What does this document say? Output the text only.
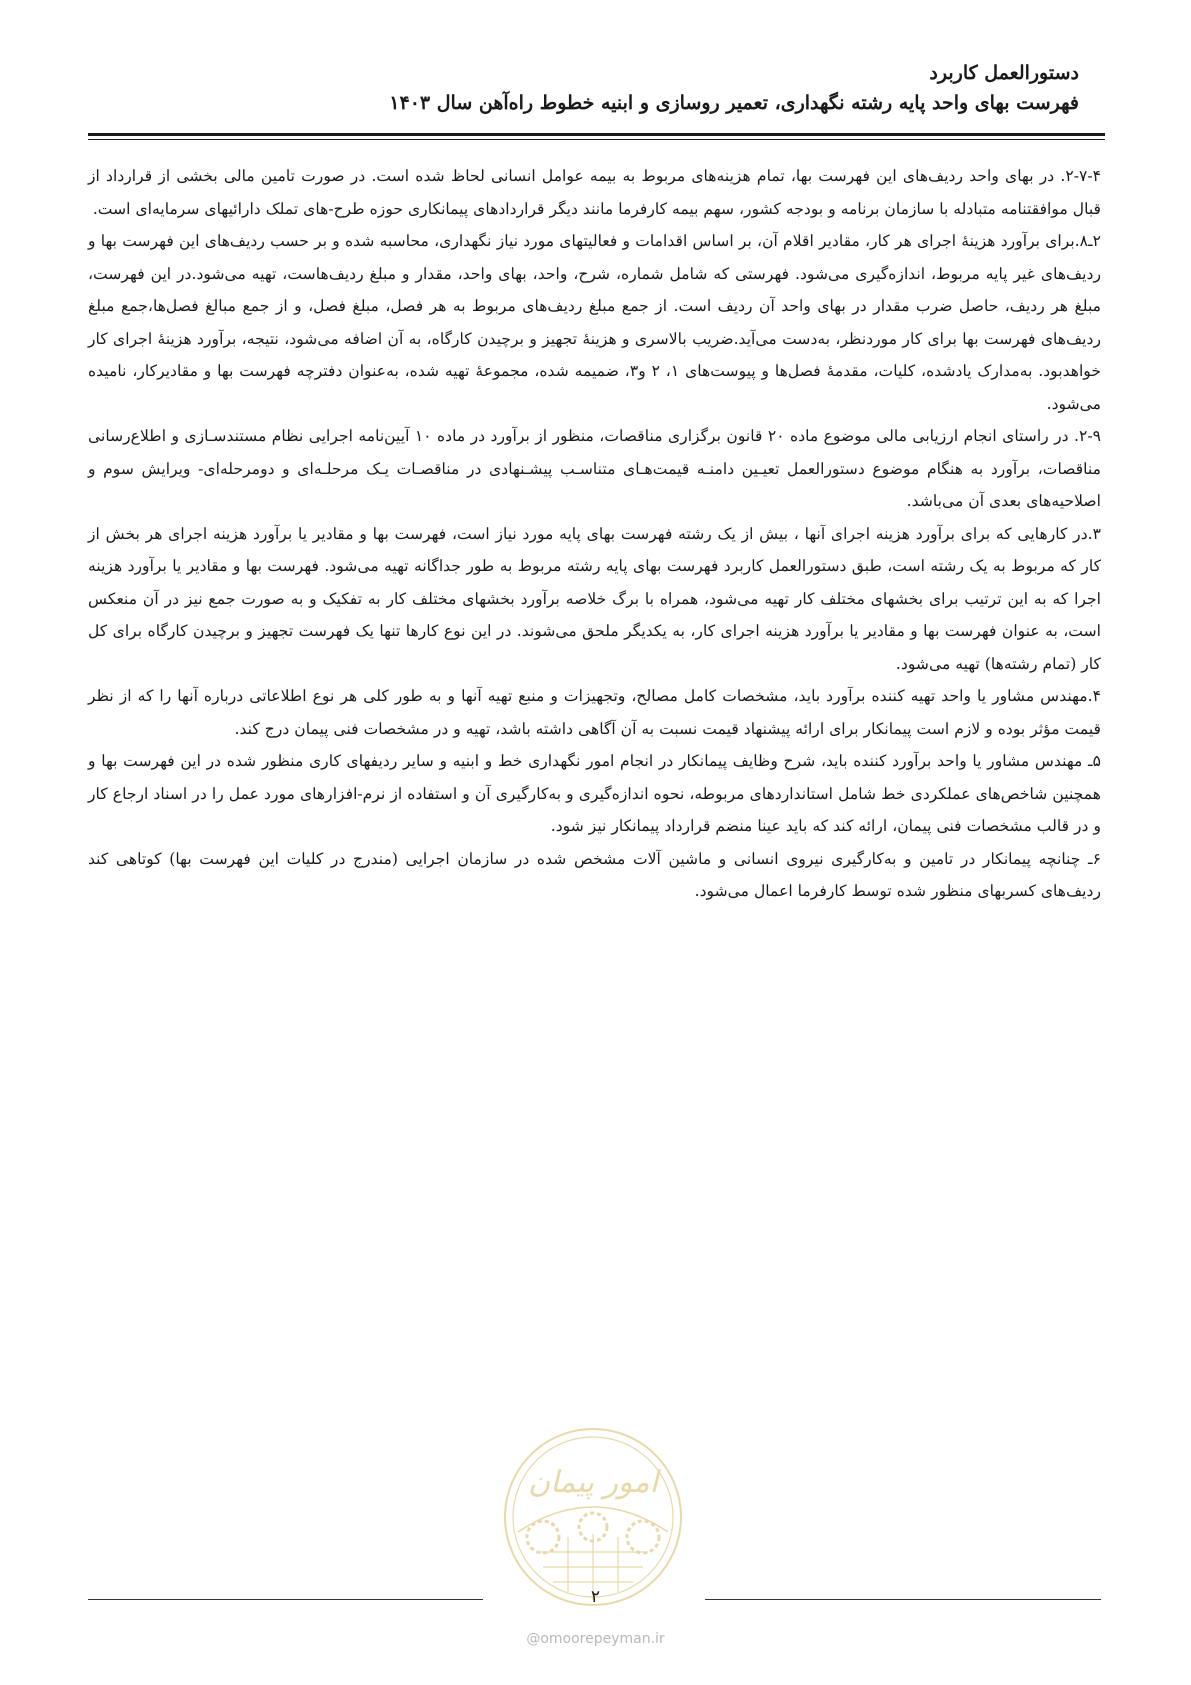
دستورالعمل کاربرد
فهرست بهای واحد پایه رشته نگهداری، تعمیر روسازی و ابنیه خطوط راه‌آهن سال ۱۴۰۳

۲-۷-۴. در بهای واحد ردیف‌های این فهرست بها، تمام هزینه‌های مربوط به بیمه عوامل انسانی لحاظ شده است. در صورت تامین مالی بخشی از قرارداد از قبال موافقتنامه متبادله با سازمان برنامه و بودجه کشور، سهم بیمه کارفرما مانند دیگر قراردادهای پیمانکاری حوزه طرح-های تملک دارائیهای سرمایه‌ای است.

۲ـ۸.برای برآورد هزینهٔ اجرای هر کار، مقادیر اقلام آن، بر اساس اقدامات و فعالیتهای مورد نیاز نگهداری، محاسبه شده و بر حسب ردیف‌های این فهرست بها و ردیف‌های غیر پایه مربوط، اندازه‌گیری می‌شود. فهرستی که شامل شماره، شرح، واحد، بهای واحد، مقدار و مبلغ ردیف‌هاست، تهیه می‌شود.در این فهرست، مبلغ هر ردیف، حاصل ضرب مقدار در بهای واحد آن ردیف است. از جمع مبلغ ردیف‌های مربوط به هر فصل، مبلغ فصل، و از جمع مبالغ فصل‌ها،جمع مبلغ ردیف‌های فهرست بها برای کار موردنظر، به‌دست می‌آید.ضریب بالاسری و هزینهٔ تجهیز و برچیدن کارگاه، به آن اضافه می‌شود، نتیجه، برآورد هزینهٔ اجرای کار خواهدبود. به‌مدارک یادشده، کلیات، مقدمهٔ فصل‌ها و پیوست‌های ۱، ۲ و۳، ضمیمه شده، مجموعهٔ تهیه شده، به‌عنوان دفترچه فهرست بها و مقادیرکار، نامیده می‌شود.

۲-۹. در راستای انجام ارزیابی مالی موضوع ماده ۲۰ قانون برگزاری مناقصات، منظور از برآورد در ماده ۱۰ آیین‌نامه اجرایی نظام مستندسـازی و اطلاع‌رسانی مناقصات، برآورد به هنگام موضوع دستورالعمل تعیـین دامنـه قیمت‌هـای متناسـب پیشـنهادی در مناقصـات یـک مرحلـه‌ای و دومرحله‌ای- ویرایش سوم و اصلاحیه‌های بعدی آن می‌باشد.

۳.در کارهایی که برای برآورد هزینه اجرای آنها ، بیش از یک رشته فهرست بهای پایه مورد نیاز است، فهرست بها و مقادیر یا برآورد هزینه اجرای هر بخش از کار که مربوط به یک رشته است، طبق دستورالعمل کاربرد فهرست بهای پایه رشته مربوط به طور جداگانه تهیه می‌شود. فهرست بها و مقادیر یا برآورد هزینه اجرا که به این ترتیب برای بخشهای مختلف کار تهیه می‌شود، همراه با برگ خلاصه برآورد بخشهای مختلف کار به تفکیک و به صورت جمع نیز در آن منعکس است، به عنوان فهرست بها و مقادیر یا برآورد هزینه اجرای کار، به یکدیگر ملحق می‌شوند. در این نوع کارها تنها یک فهرست تجهیز و برچیدن کارگاه برای کل کار (تمام رشته‌ها) تهیه می‌شود.

۴.مهندس مشاور یا واحد تهیه کننده برآورد باید، مشخصات کامل مصالح، وتجهیزات و منبع تهیه آنها و به طور کلی هر نوع اطلاعاتی درباره آنها را که از نظر قیمت مؤثر بوده و لازم است پیمانکار برای ارائه پیشنهاد قیمت نسبت به آن آگاهی داشته باشد، تهیه و در مشخصات فنی پیمان درج کند.

۵ـ مهندس مشاور یا واحد برآورد کننده باید، شرح وظایف پیمانکار در انجام امور نگهداری خط و ابنیه و سایر ردیفهای کاری منظور شده در این فهرست بها و همچنین شاخص‌های عملکردی خط شامل استانداردهای مربوطه، نحوه اندازه‌گیری و به‌کارگیری آن و استفاده از نرم-افزارهای مورد عمل را در اسناد ارجاع کار و در قالب مشخصات فنی پیمان، ارائه کند که باید عینا منضم قرارداد پیمانکار نیز شود.

۶ـ چنانچه پیمانکار در تامین و به‌کارگیری نیروی انسانی و ماشین آلات مشخص شده در سازمان اجرایی (مندرج در کلیات این فهرست بها) کوتاهی کند ردیف‌های کسربهای منظور شده توسط کارفرما اعمال می‌شود.

امور پیمان
۲
@omoorepeyman.ir
